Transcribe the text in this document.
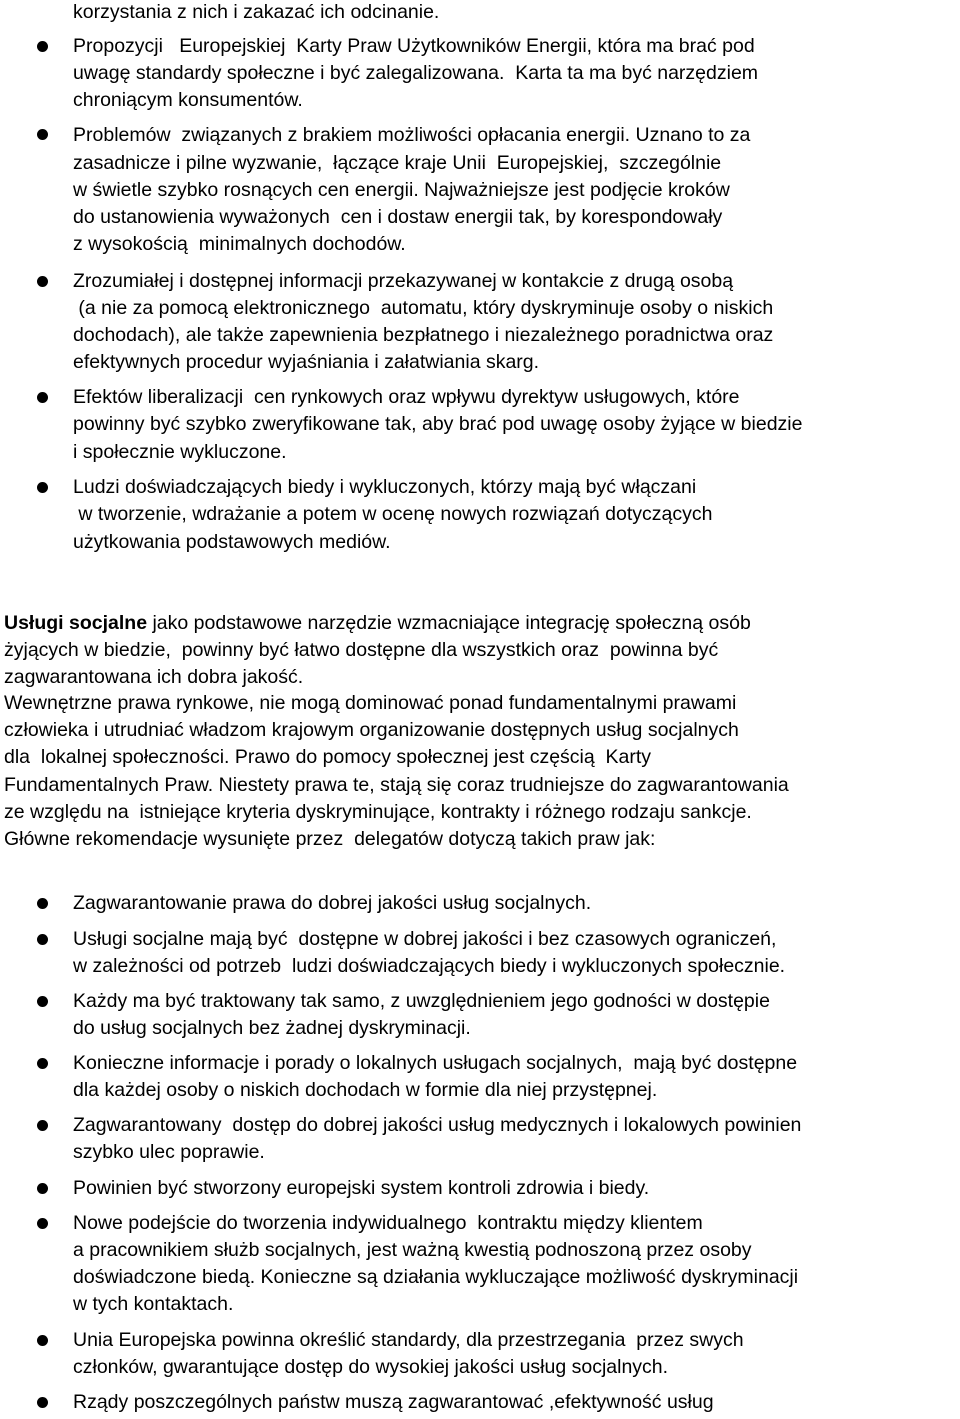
korzystania z nich i zakazać ich odcinanie.
Propozycji   Europejskiej  Karty Praw Użytkowników Energii, która ma brać pod
uwagę standardy społeczne i być zalegalizowana.  Karta ta ma być narzędziem
chroniącym konsumentów.
Problemów  związanych z brakiem możliwości opłacania energii. Uznano to za
zasadnicze i pilne wyzwanie,  łączące kraje Unii  Europejskiej,  szczególnie
w świetle szybko rosnących cen energii. Najważniejsze jest podjęcie kroków
do ustanowienia wyważonych  cen i dostaw energii tak, by korespondowały
z wysokością  minimalnych dochodów.
Zrozumiałej i dostępnej informacji przekazywanej w kontakcie z drugą osobą
(a nie za pomocą elektronicznego  automatu, który dyskryminuje osoby o niskich
dochodach), ale także zapewnienia bezpłatnego i niezależnego poradnictwa oraz
efektywnych procedur wyjaśniania i załatwiania skarg.
Efektów liberalizacji  cen rynkowych oraz wpływu dyrektyw usługowych, które
powinny być szybko zweryfikowane tak, aby brać pod uwagę osoby żyjące w biedzie
i społecznie wykluczone.
Ludzi doświadczających biedy i wykluczonych, którzy mają być włączani
w tworzenie, wdrażanie a potem w ocenę nowych rozwiązań dotyczących
użytkowania podstawowych mediów.
Usługi socjalne jako podstawowe narzędzie wzmacniające integrację społeczną osób
żyjących w biedzie,  powinny być łatwo dostępne dla wszystkich oraz  powinna być
zagwarantowana ich dobra jakość.
Wewnętrzne prawa rynkowe, nie mogą dominować ponad fundamentalnymi prawami
człowieka i utrudniać władzom krajowym organizowanie dostępnych usług socjalnych
dla  lokalnej społeczności. Prawo do pomocy społecznej jest częścią  Karty
Fundamentalnych Praw. Niestety prawa te, stają się coraz trudniejsze do zagwarantowania
ze względu na  istniejące kryteria dyskryminujące, kontrakty i różnego rodzaju sankcje.
Główne rekomendacje wysunięte przez  delegatów dotyczą takich praw jak:
Zagwarantowanie prawa do dobrej jakości usług socjalnych.
Usługi socjalne mają być  dostępne w dobrej jakości i bez czasowych ograniczeń,
w zależności od potrzeb  ludzi doświadczających biedy i wykluczonych społecznie.
Każdy ma być traktowany tak samo, z uwzględnieniem jego godności w dostępie
do usług socjalnych bez żadnej dyskryminacji.
Konieczne informacje i porady o lokalnych usługach socjalnych,  mają być dostępne
dla każdej osoby o niskich dochodach w formie dla niej przystępnej.
Zagwarantowany  dostęp do dobrej jakości usług medycznych i lokalowych powinien
szybko ulec poprawie.
Powinien być stworzony europejski system kontroli zdrowia i biedy.
Nowe podejście do tworzenia indywidualnego  kontraktu między klientem
a pracownikiem służb socjalnych, jest ważną kwestią podnoszoną przez osoby
doświadczone biedą. Konieczne są działania wykluczające możliwość dyskryminacji
w tych kontaktach.
Unia Europejska powinna określić standardy, dla przestrzegania  przez swych
członków, gwarantujące dostęp do wysokiej jakości usług socjalnych.
Rządy poszczególnych państw muszą zagwarantować ,efektywność usług
